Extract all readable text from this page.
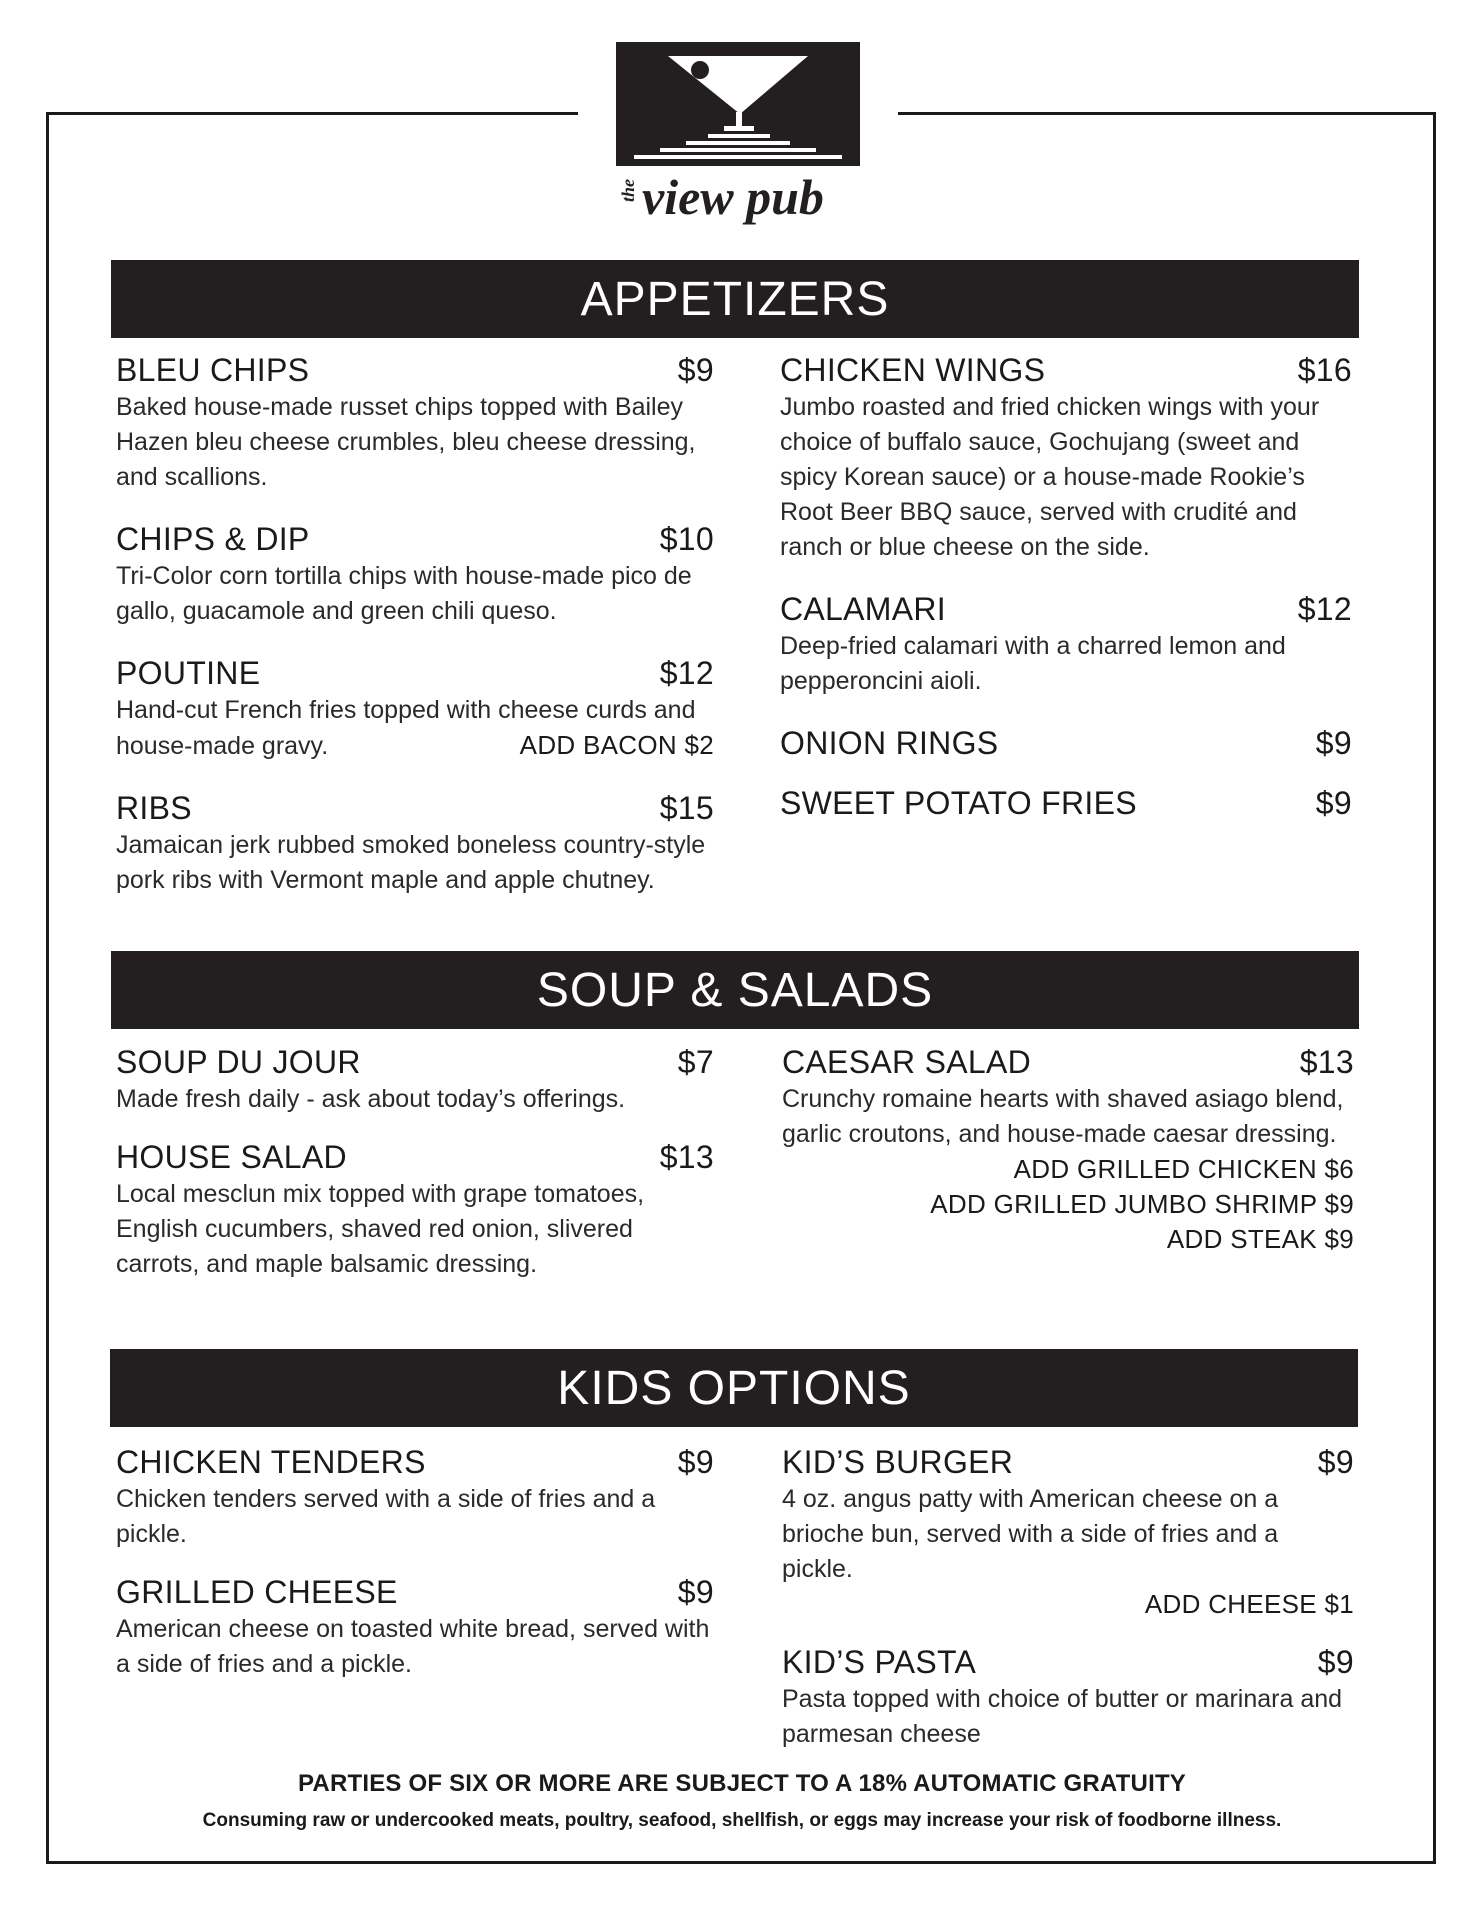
the view pub
APPETIZERS
BLEU CHIPS	$9
Baked house-made russet chips topped with Bailey Hazen bleu cheese crumbles, bleu cheese dressing, and scallions.
CHIPS & DIP	$10
Tri-Color corn tortilla chips with house-made pico de gallo, guacamole and green chili queso.
POUTINE	$12
Hand-cut French fries topped with cheese curds and
house-made gravy.	ADD BACON $2
RIBS	$15
Jamaican jerk rubbed smoked boneless country-style pork ribs with Vermont maple and apple chutney.
CHICKEN WINGS	$16
Jumbo roasted and fried chicken wings with your choice of buffalo sauce, Gochujang (sweet and spicy Korean sauce) or a house-made Rookie’s Root Beer BBQ sauce, served with crudité and ranch or blue cheese on the side.
CALAMARI	$12
Deep-fried calamari with a charred lemon and pepperoncini aioli.
ONION RINGS	$9
SWEET POTATO FRIES	$9
SOUP & SALADS
SOUP DU JOUR	$7
Made fresh daily - ask about today’s offerings.
HOUSE SALAD	$13
Local mesclun mix topped with grape tomatoes, English cucumbers, shaved red onion, slivered carrots, and maple balsamic dressing.
CAESAR SALAD	$13
Crunchy romaine hearts with shaved asiago blend, garlic croutons, and house-made caesar dressing.
ADD GRILLED CHICKEN $6
ADD GRILLED JUMBO SHRIMP $9
ADD STEAK $9
KIDS OPTIONS
CHICKEN TENDERS	$9
Chicken tenders served with a side of fries and a pickle.
GRILLED CHEESE	$9
American cheese on toasted white bread, served with a side of fries and a pickle.
KID’S BURGER	$9
4 oz. angus patty with American cheese on a brioche bun, served with a side of fries and a pickle.
ADD CHEESE $1
KID’S PASTA	$9
Pasta topped with choice of butter or marinara and parmesan cheese
PARTIES OF SIX OR MORE ARE SUBJECT TO A 18% AUTOMATIC GRATUITY
Consuming raw or undercooked meats, poultry, seafood, shellfish, or eggs may increase your risk of foodborne illness.
